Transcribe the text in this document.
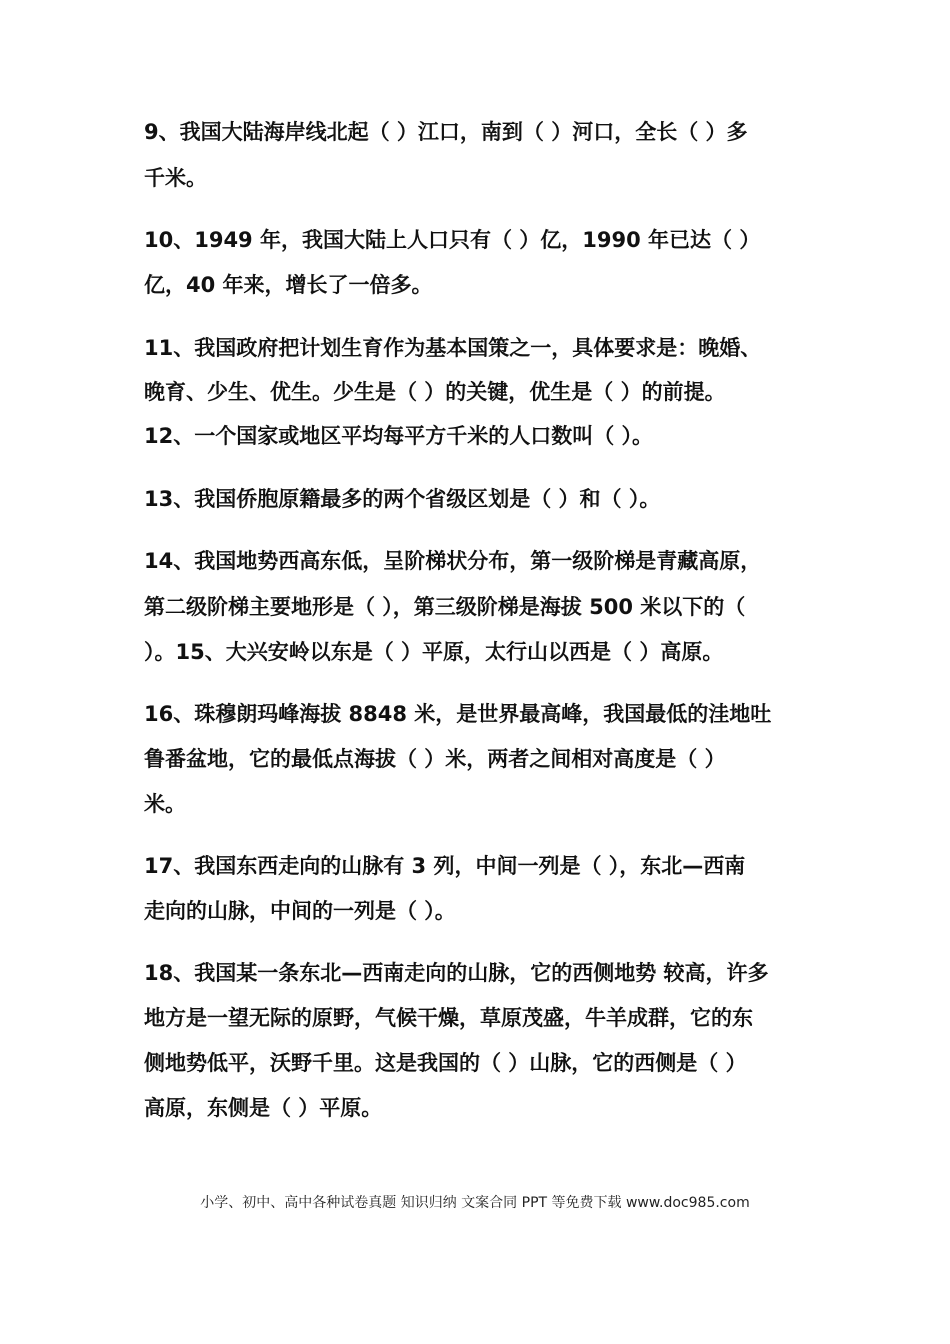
9、我国大陆海岸线北起（ ）江口，南到（ ）河口，全长（ ）多
千米。
10、1949 年，我国大陆上人口只有（ ）亿，1990 年已达（ ）
亿，40 年来，增长了一倍多。
11、我国政府把计划生育作为基本国策之一，具体要求是：晚婚、
晚育、少生、优生。少生是（ ）的关键，优生是（ ）的前提。
12、一个国家或地区平均每平方千米的人口数叫（ ）。
13、我国侨胞原籍最多的两个省级区划是（ ）和（ ）。
14、我国地势西高东低，呈阶梯状分布，第一级阶梯是青藏高原，
第二级阶梯主要地形是（ ），第三级阶梯是海拔 500 米以下的（
）。15、大兴安岭以东是（ ）平原，太行山以西是（ ）高原。
16、珠穆朗玛峰海拔 8848 米，是世界最高峰，我国最低的洼地吐
鲁番盆地，它的最低点海拔（ ）米，两者之间相对高度是（ ）
米。
17、我国东西走向的山脉有 3 列，中间一列是（ ），东北—西南
走向的山脉，中间的一列是（ ）。
18、我国某一条东北—西南走向的山脉，它的西侧地势 较高，许多
地方是一望无际的原野，气候干燥，草原茂盛，牛羊成群，它的东
侧地势低平，沃野千里。这是我国的（ ）山脉，它的西侧是（ ）
高原，东侧是（ ）平原。
小学、初中、高中各种试卷真题 知识归纳 文案合同 PPT 等免费下载 www.doc985.com
